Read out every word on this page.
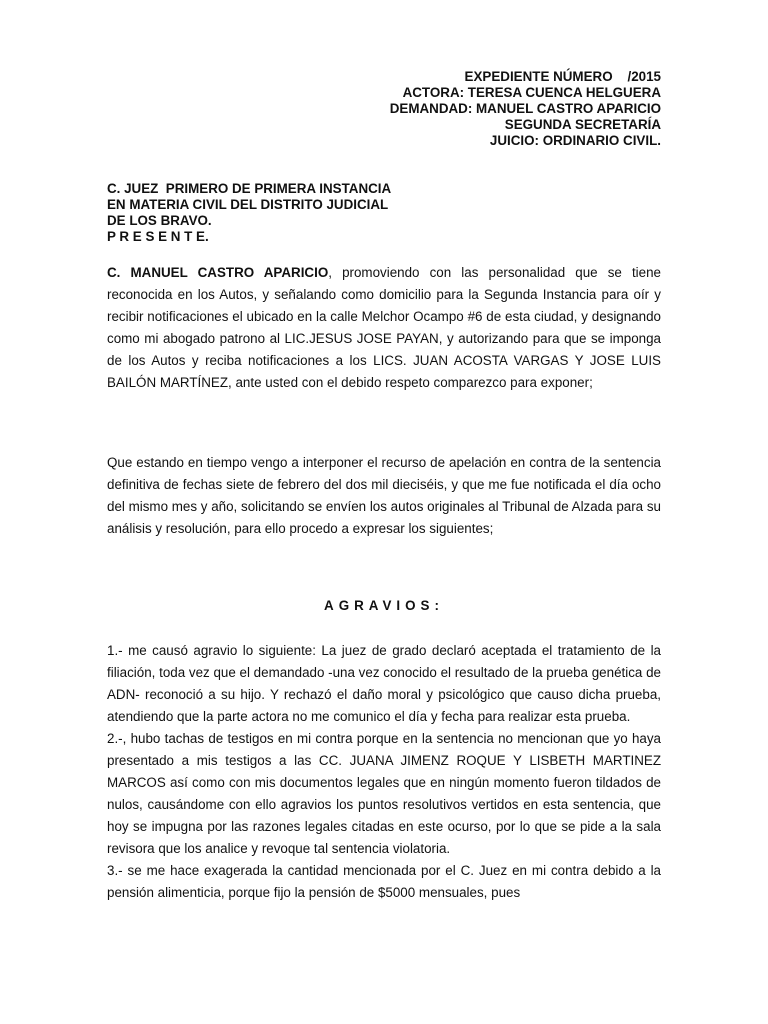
EXPEDIENTE NÚMERO    /2015
ACTORA: TERESA CUENCA HELGUERA
DEMANDAD: MANUEL CASTRO APARICIO
SEGUNDA SECRETARÍA
JUICIO: ORDINARIO CIVIL.
C. JUEZ  PRIMERO DE PRIMERA INSTANCIA
EN MATERIA CIVIL DEL DISTRITO JUDICIAL
DE LOS BRAVO.
P R E S E N T E.

C. MANUEL CASTRO APARICIO, promoviendo con las personalidad que se tiene reconocida en los Autos, y señalando como domicilio para la Segunda Instancia para oír y recibir notificaciones el ubicado en la calle Melchor Ocampo #6 de esta ciudad, y designando como mi abogado patrono al LIC.JESUS JOSE PAYAN, y autorizando para que se imponga de los Autos y reciba notificaciones a los LICS. JUAN ACOSTA VARGAS Y JOSE LUIS BAILÓN MARTÍNEZ, ante usted con el debido respeto comparezco para exponer;

Que estando en tiempo vengo a interponer el recurso de apelación en contra de la sentencia definitiva de fechas siete de febrero del dos mil dieciséis, y que me fue notificada el día ocho del mismo mes y año, solicitando se envíen los autos originales al Tribunal de Alzada para su análisis y resolución, para ello procedo a expresar los siguientes;

AGRAVIOS:

1.- me causó agravio lo siguiente: La juez de grado declaró aceptada el tratamiento de la filiación, toda vez que el demandado -una vez conocido el resultado de la prueba genética de ADN- reconoció a su hijo. Y rechazó el daño moral y psicológico que causo dicha prueba, atendiendo que la parte actora no me comunico el día y fecha para realizar esta prueba.

2.-, hubo tachas de testigos en mi contra porque en la sentencia no mencionan que yo haya presentado a mis testigos a las CC. JUANA JIMENZ ROQUE Y LISBETH MARTINEZ MARCOS así como con mis documentos legales que en ningún momento fueron tildados de nulos, causándome con ello agravios los puntos resolutivos vertidos en esta sentencia, que hoy se impugna por las razones legales citadas en este ocurso, por lo que se pide a la sala revisora que los analice y revoque tal sentencia violatoria.

3.- se me hace exagerada la cantidad mencionada por el C. Juez en mi contra debido a la pensión alimenticia, porque fijo la pensión de $5000 mensuales, pues
